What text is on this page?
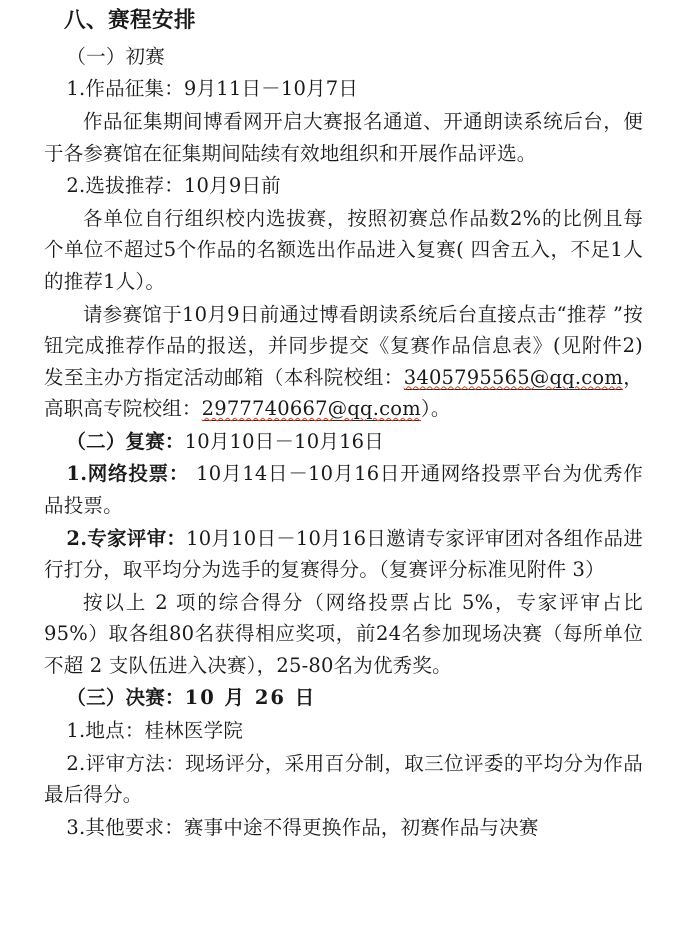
八、赛程安排

（一）初赛

1.作品征集：9月11日－10月7日

作品征集期间博看网开启大赛报名通道、开通朗读系统后台，便于各参赛馆在征集期间陆续有效地组织和开展作品评选。

2.选拔推荐：10月9日前

各单位自行组织校内选拔赛，按照初赛总作品数2%的比例且每个单位不超过5个作品的名额选出作品进入复赛( 四舍五入，不足1人的推荐1人）。

请参赛馆于10月9日前通过博看朗读系统后台直接点击“推荐 ”按钮完成推荐作品的报送，并同步提交《复赛作品信息表》(见附件2)发至主办方指定活动邮箱（本科院校组：3405795565@qq.com，高职高专院校组：2977740667@qq.com）。

（二）复赛：10月10日－10月16日

1.网络投票： 10月14日－10月16日开通网络投票平台为优秀作品投票。

2.专家评审：10月10日－10月16日邀请专家评审团对各组作品进行打分，取平均分为选手的复赛得分。（复赛评分标准见附件 3）

按以上 2 项的综合得分（网络投票占比 5%，专家评审占比 95%）取各组80名获得相应奖项，前24名参加现场决赛（每所单位不超 2 支队伍进入决赛），25-80名为优秀奖。

（三）决赛：10 月 26 日

1.地点：桂林医学院

2.评审方法：现场评分，采用百分制，取三位评委的平均分为作品最后得分。

3.其他要求：赛事中途不得更换作品，初赛作品与决赛
